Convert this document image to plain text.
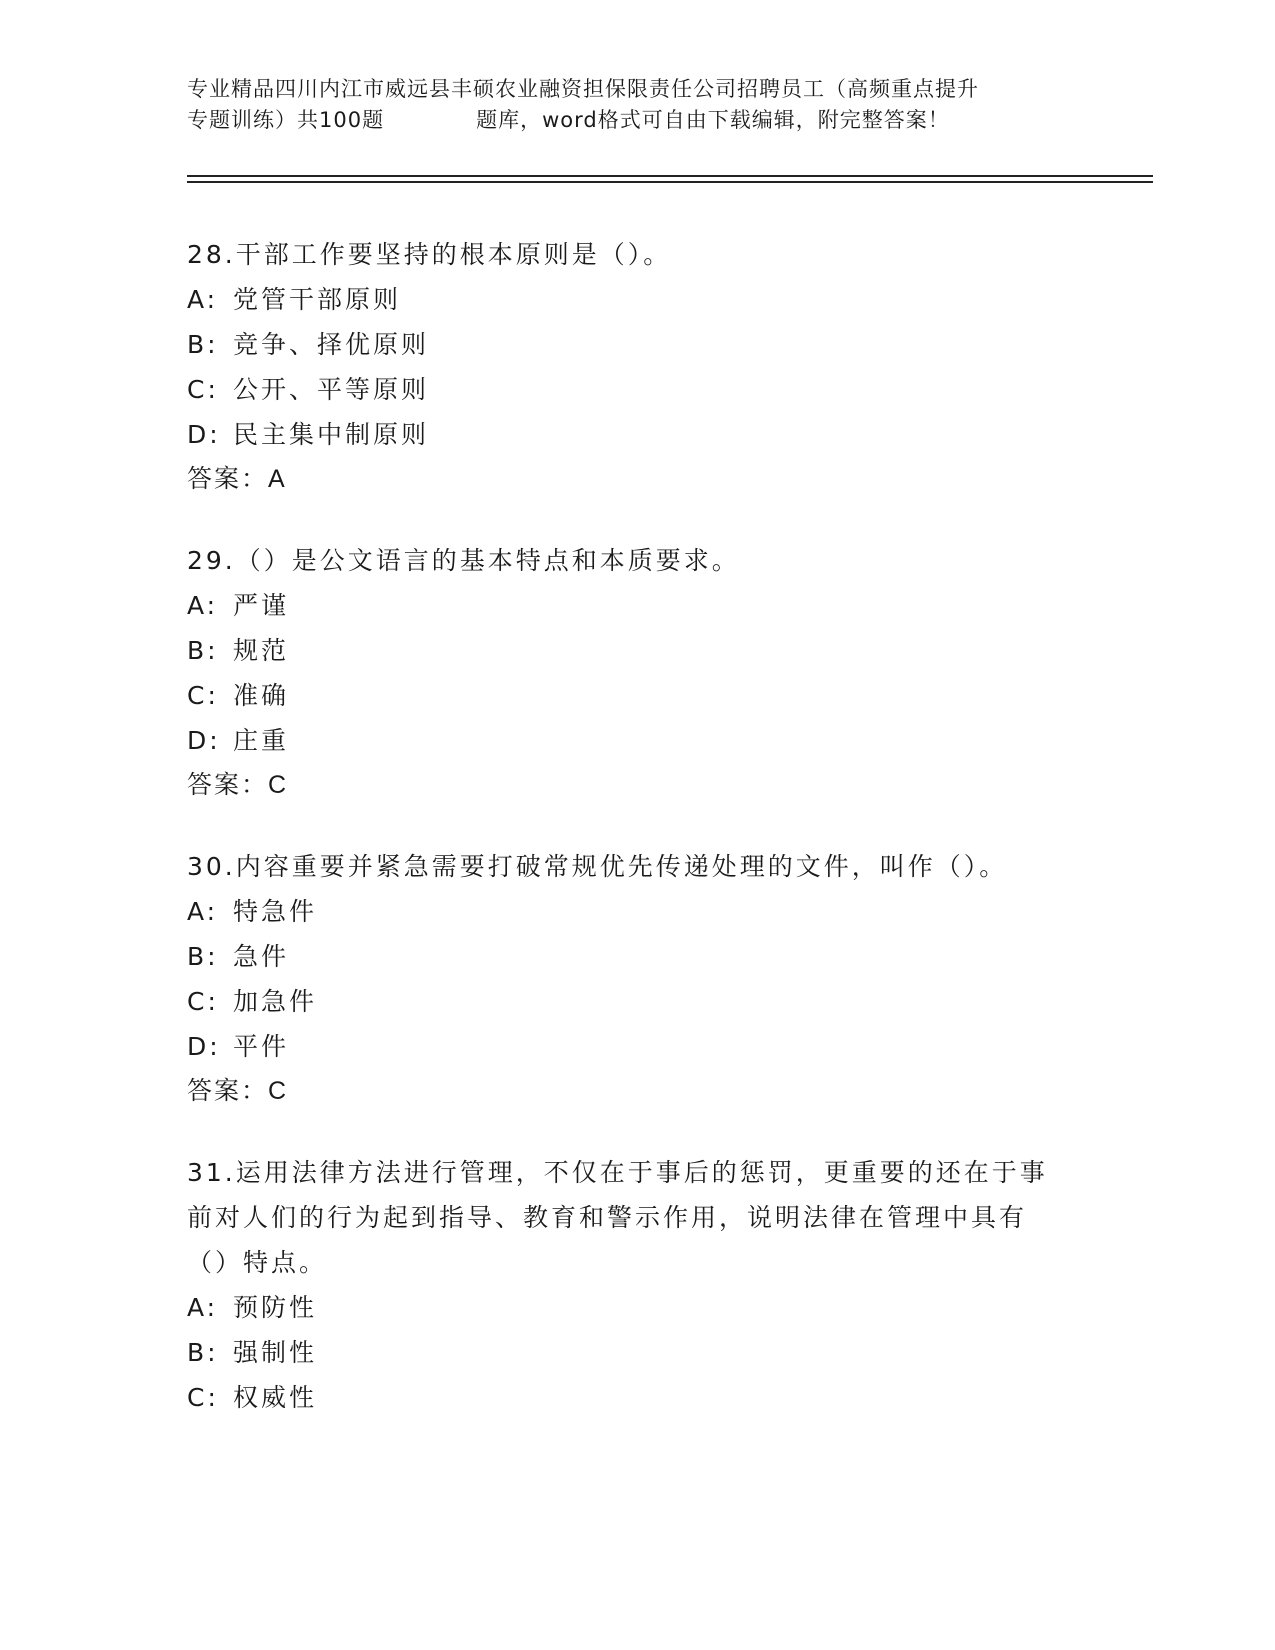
专业精品四川内江市威远县丰硕农业融资担保限责任公司招聘员工（高频重点提升
专题训练）共100题	题库，word格式可自由下载编辑，附完整答案！
28.干部工作要坚持的根本原则是（）。
A: 党管干部原则
B: 竞争、择优原则
C: 公开、平等原则
D: 民主集中制原则
答案：A
29.（）是公文语言的基本特点和本质要求。
A: 严谨
B: 规范
C: 准确
D: 庄重
答案：C
30.内容重要并紧急需要打破常规优先传递处理的文件，叫作（）。
A: 特急件
B: 急件
C: 加急件
D: 平件
答案：C
31.运用法律方法进行管理，不仅在于事后的惩罚，更重要的还在于事
前对人们的行为起到指导、教育和警示作用，说明法律在管理中具有
（）特点。
A: 预防性
B: 强制性
C: 权威性
